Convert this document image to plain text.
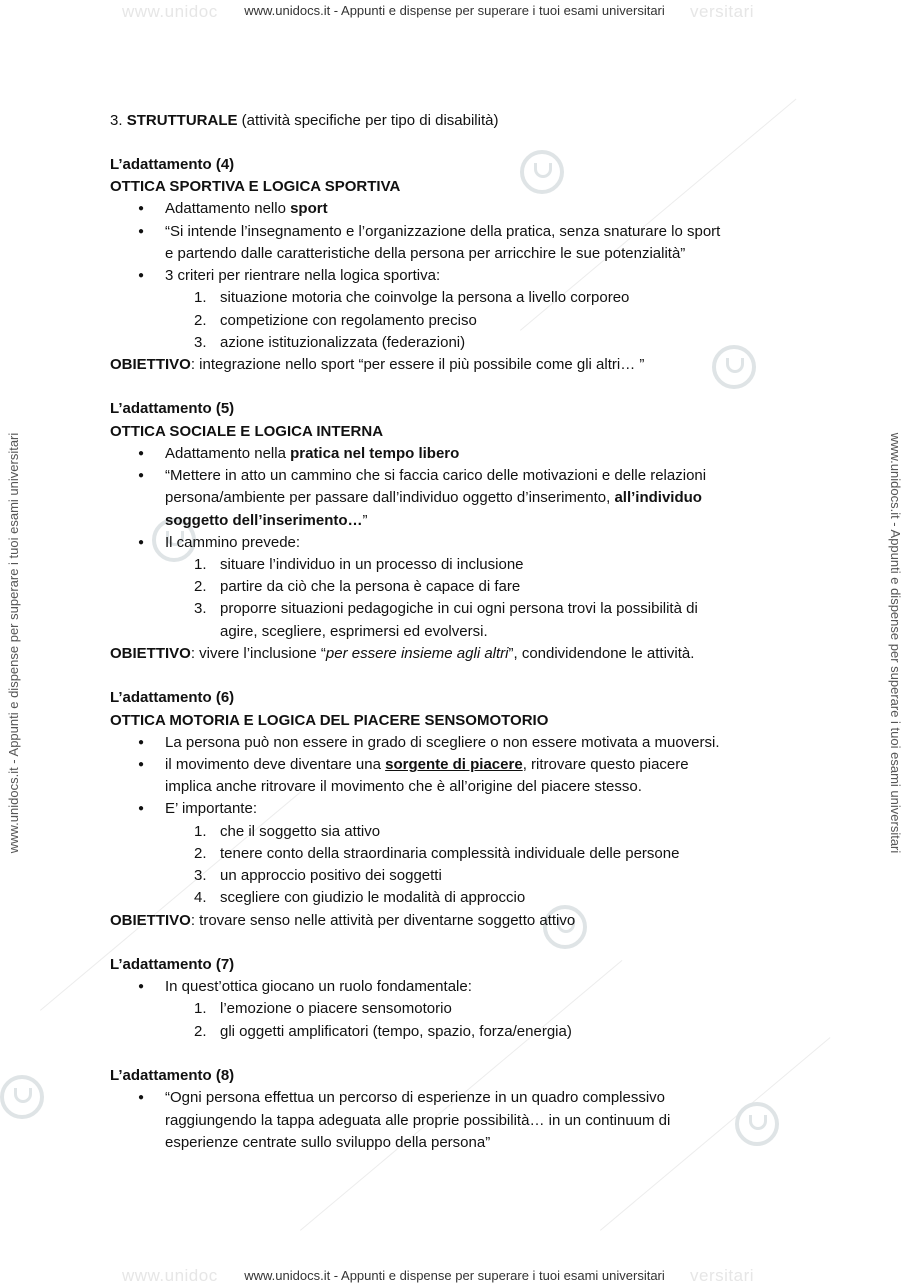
www.unidoc	versitari
www.unidoc	versitari
www.unidocs.it - Appunti e dispense per superare i tuoi esami universitari
www.unidocs.it - Appunti e dispense per superare i tuoi esami universitari
www.unidocs.it - Appunti e dispense per superare i tuoi esami universitari	www.unidocs.it - Appunti e dispense per superare i tuoi esami universitari
3. STRUTTURALE (attività specifiche per tipo di disabilità)
L’adattamento (4)
OTTICA SPORTIVA E LOGICA SPORTIVA
● Adattamento nello sport
● “Si intende l’insegnamento e l’organizzazione della pratica, senza snaturare lo sport
e partendo dalle caratteristiche della persona per arricchire le sue potenzialità”
● 3 criteri per rientrare nella logica sportiva:
1. situazione motoria che coinvolge la persona a livello corporeo
2. competizione con regolamento preciso
3. azione istituzionalizzata (federazioni)
OBIETTIVO: integrazione nello sport “per essere il più possibile come gli altri… ”
L’adattamento (5)
OTTICA SOCIALE E LOGICA INTERNA
● Adattamento nella pratica nel tempo libero
● “Mettere in atto un cammino che si faccia carico delle motivazioni e delle relazioni
persona/ambiente per passare dall’individuo oggetto d’inserimento, all’individuo
soggetto dell’inserimento…”
● Il cammino prevede:
1. situare l’individuo in un processo di inclusione
2. partire da ciò che la persona è capace di fare
3. proporre situazioni pedagogiche in cui ogni persona trovi la possibilità di
agire, scegliere, esprimersi ed evolversi.
OBIETTIVO: vivere l’inclusione “per essere insieme agli altri”, condividendone le attività.
L’adattamento (6)
OTTICA MOTORIA E LOGICA DEL PIACERE SENSOMOTORIO
● La persona può non essere in grado di scegliere o non essere motivata a muoversi.
● il movimento deve diventare una sorgente di piacere, ritrovare questo piacere
implica anche ritrovare il movimento che è all’origine del piacere stesso.
● E’ importante:
1. che il soggetto sia attivo
2. tenere conto della straordinaria complessità individuale delle persone
3. un approccio positivo dei soggetti
4. scegliere con giudizio le modalità di approccio
OBIETTIVO: trovare senso nelle attività per diventarne soggetto attivo
L’adattamento (7)
● In quest’ottica giocano un ruolo fondamentale:
1. l’emozione o piacere sensomotorio
2. gli oggetti amplificatori (tempo, spazio, forza/energia)
L’adattamento (8)
● “Ogni persona effettua un percorso di esperienze in un quadro complessivo
raggiungendo la tappa adeguata alle proprie possibilità… in un continuum di
esperienze centrate sullo sviluppo della persona”
